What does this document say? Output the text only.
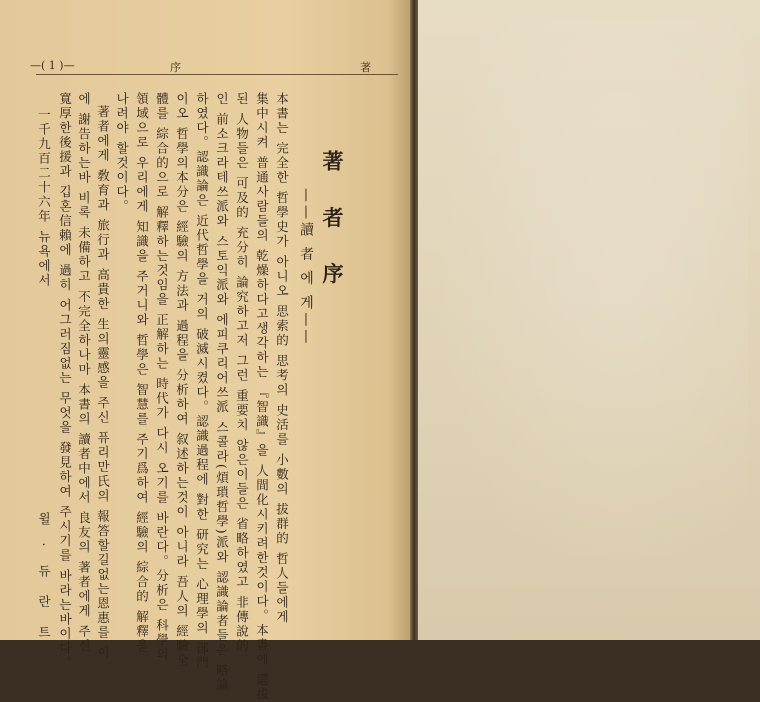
—( 1 )—	序	著
著 者 序
——讀 者 에 게——
本書는 完全한 哲學史가 아니오 思索的 思考의 史活를 小數의 拔群的 哲人들에게
集中시켜 普通사람들의 乾燥하다고생각하는 『智識』을 人間化시키려한것이다。本書에 選拔
된 人物들은 可及的 充分히 論究하고저 그런 重要치 않은이들은 省略하였고 非傳說的
인 前소크라테쓰派와 스토익派와 에피쿠리어쓰派 스콜라(煩瑣哲學)派와 認識論者들은 略論
하였다。認識論은 近代哲學을 거의 破滅시켰다。認識過程에 對한 研究는 心理學의 部門
이오 哲學의本分은 經驗의 方法과 過程을 分析하여 叙述하는것이 아니라 吾人의 經驗全
體를 綜合的으로 解釋하는것임을 正解하는 時代가 다시 오기를 바란다。分析은 科學의
領域으로 우리에게 知識을 주거니와 哲學은 智慧를 주기爲하여 經驗의 綜合的 解釋을
나려야 할것이다。
著者에게 敎育과 旅行과 高貴한 生의靈感을 주신 퓨리만氏의 報答할길없는恩惠를 이
에 謝告하는바 비록 未備하고 不完全하나마 本書의 讀者中에서 良友의 著者에게 주신
寬厚한後援과 깁혼信賴에 過히 어그러짐없는 무엇을 發見하여 주시기를 바라는바이다。
一千九百二十六年 뉴욕에서
윌 · 듀 란 트
